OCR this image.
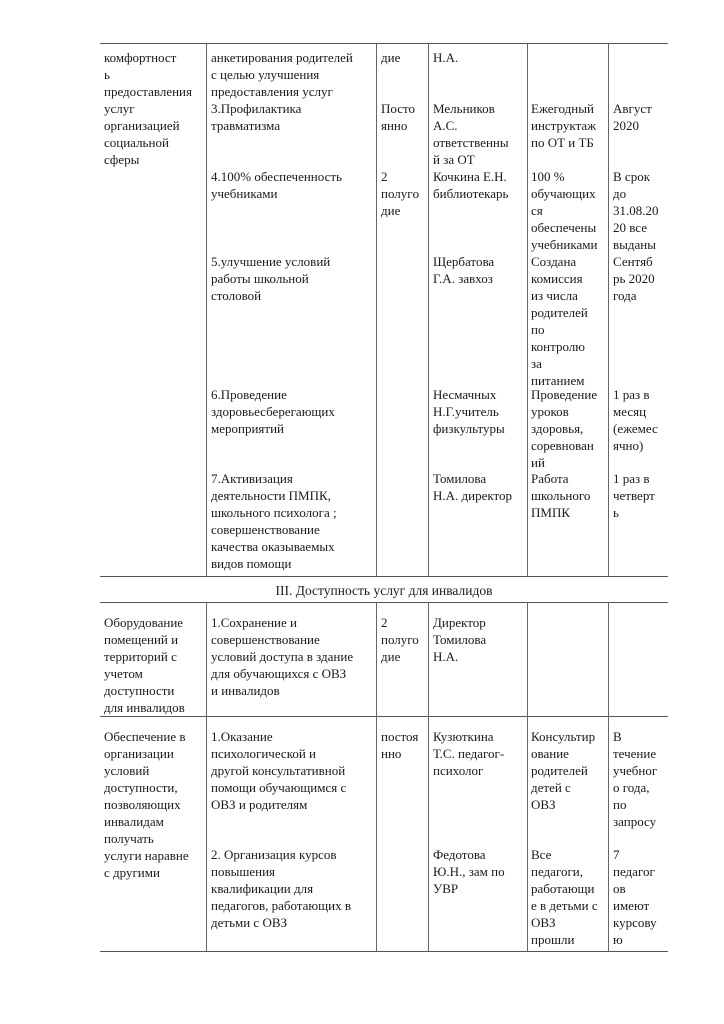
комфортност
ь
предоставления
услуг
организацией
социальной
сферы

анкетирования родителей
с целью улучшения
предоставления услуг

дие	Н.А.

3.Профилактика
травматизма

Посто
янно

Мельников
А.С.
ответственны
й за ОТ

Ежегодный
инструктаж
по ОТ и ТБ

Август
2020

4.100% обеспеченность
учебниками

2
полугo
дие

Кочкина Е.Н.
библиотекарь

100 %
обучающих
ся
обеспечены
учебниками

В срок
до
31.08.20
20 все
выданы

5.улучшение условий
работы школьной
столовой

Щербатова
Г.А. завхоз

Создана
комиссия
из числа
родителей
по
контролю
за
питанием

Сентяб
рь 2020
года

6.Проведение
здоровьесберегающих
мероприятий

Несмачных
Н.Г.учитель
физкультуры

Проведение
уроков
здоровья,
соревнован
ий

1 раз в
месяц
(ежемес
ячно)

7.Активизация
деятельности ПМПК,
школьного психолога ;
совершенствование
качества оказываемых
видов помощи

Томилова
Н.А. директор

Работа
школьного
ПМПК

1 раз в
четверт
ь

III. Доступность услуг для инвалидов

Оборудование
помещений и
территорий с
учетом
доступности
для инвалидов

1.Сохранение и
совершенствование
условий доступа в здание
для обучающихся с ОВЗ
и инвалидов

2
полуго
дие

Директор
Томилова
Н.А.

Обеспечение в
организации
условий
доступности,
позволяющих
инвалидам
получать
услуги наравне
с другими

1.Оказание
психологической и
другой консультативной
помощи обучающимся с
ОВЗ и родителям

постоя
нно

Кузюткина
Т.С. педагог-
психолог

Консультир
ование
родителей
детей с
ОВЗ

В
течение
учебног
о года,
по
запросу

2. Организация курсов
повышения
квалификации для
педагогов, работающих в
детьми с ОВЗ

Федотова
Ю.Н., зам по
УВР

Все
педагоги,
работающи
е в детьми с
ОВЗ
прошли

7
педагог
ов
имеют
курсову
ю
